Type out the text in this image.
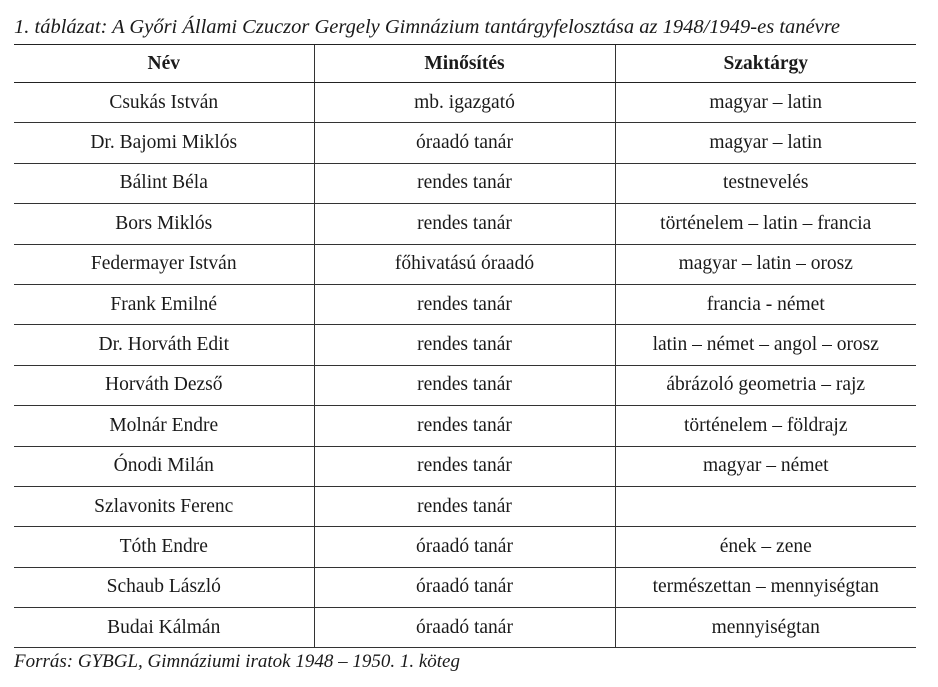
1. táblázat: A Győri Állami Czuczor Gergely Gimnázium tantárgyfelosztása az 1948/1949-es tanévre
Név	Minősítés	Szaktárgy
Csukás István	mb. igazgató	magyar – latin
Dr. Bajomi Miklós	óraadó tanár	magyar – latin
Bálint Béla	rendes tanár	testnevelés
Bors Miklós	rendes tanár	történelem – latin – francia
Federmayer István	főhivatású óraadó	magyar – latin – orosz
Frank Emilné	rendes tanár	francia - német
Dr. Horváth Edit	rendes tanár	latin – német – angol – orosz
Horváth Dezső	rendes tanár	ábrázoló geometria – rajz
Molnár Endre	rendes tanár	történelem – földrajz
Ónodi Milán	rendes tanár	magyar – német
Szlavonits Ferenc	rendes tanár	
Tóth Endre	óraadó tanár	ének – zene
Schaub László	óraadó tanár	természettan – mennyiségtan
Budai Kálmán	óraadó tanár	mennyiségtan
Forrás: GYBGL, Gimnáziumi iratok 1948 – 1950. 1. köteg
